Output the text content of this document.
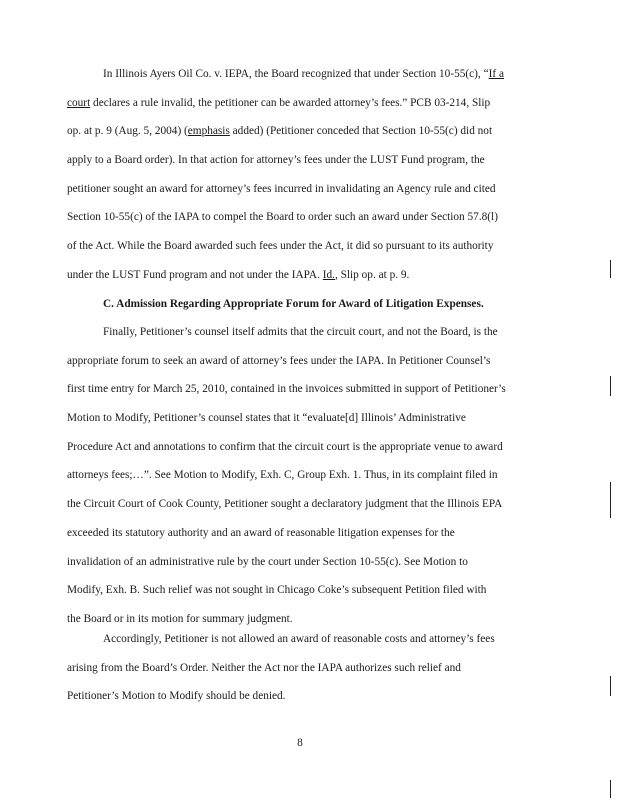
In Illinois Ayers Oil Co. v. IEPA, the Board recognized that under Section 10-55(c), “If a
court declares a rule invalid, the petitioner can be awarded attorney’s fees.” PCB 03-214, Slip
op. at p. 9 (Aug. 5, 2004) (emphasis added) (Petitioner conceded that Section 10-55(c) did not
apply to a Board order). In that action for attorney’s fees under the LUST Fund program, the
petitioner sought an award for attorney’s fees incurred in invalidating an Agency rule and cited
Section 10-55(c) of the IAPA to compel the Board to order such an award under Section 57.8(l)
of the Act. While the Board awarded such fees under the Act, it did so pursuant to its authority
under the LUST Fund program and not under the IAPA. Id., Slip op. at p. 9.
C. Admission Regarding Appropriate Forum for Award of Litigation Expenses.
Finally, Petitioner’s counsel itself admits that the circuit court, and not the Board, is the
appropriate forum to seek an award of attorney’s fees under the IAPA. In Petitioner Counsel’s
first time entry for March 25, 2010, contained in the invoices submitted in support of Petitioner’s
Motion to Modify, Petitioner’s counsel states that it “evaluate[d] Illinois’ Administrative
Procedure Act and annotations to confirm that the circuit court is the appropriate venue to award
attorneys fees;…”. See Motion to Modify, Exh. C, Group Exh. 1. Thus, in its complaint filed in
the Circuit Court of Cook County, Petitioner sought a declaratory judgment that the Illinois EPA
exceeded its statutory authority and an award of reasonable litigation expenses for the
invalidation of an administrative rule by the court under Section 10-55(c). See Motion to
Modify, Exh. B. Such relief was not sought in Chicago Coke’s subsequent Petition filed with
the Board or in its motion for summary judgment.
Accordingly, Petitioner is not allowed an award of reasonable costs and attorney’s fees
arising from the Board’s Order. Neither the Act nor the IAPA authorizes such relief and
Petitioner’s Motion to Modify should be denied.
8
